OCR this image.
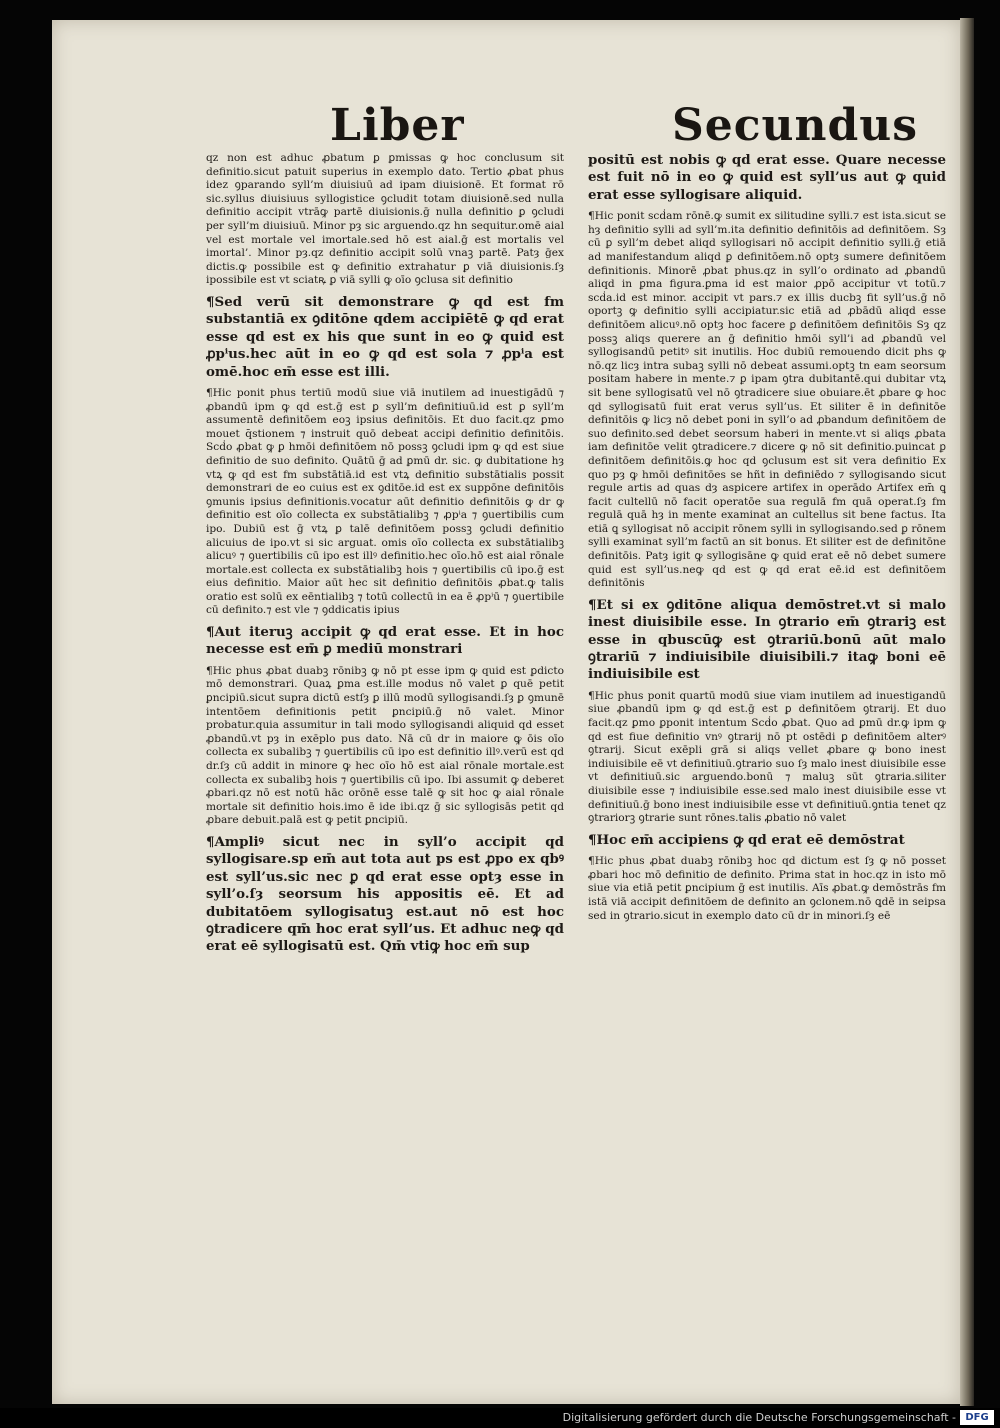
Liber	Secundus

qz non est adhuc ꝓbatum ꝑ ꝑmissas ꝙ hoc conclusum sit definitio.sicut patuit superius in exemplo dato. Tertio ꝓbat phus idez ꝯparando syll’m diuisiuū ad ipam diuisionē. Et format rō sic.syllus diuisiuus syllogistice ꝯcludit totam diuisionē.sed nulla definitio accipit vtrāꝙ partē diuisionis.ḡ nulla definitio ꝑ ꝯcludi per syll’m diuisiuū. Minor pȝ sic arguendo.qz hn sequitur.omē aial vel est mortale vel imortale.sed hō est aial.ḡ est mortalis vel imortal’. Minor pȝ.qz definitio accipit solū vnaꝫ partē. Patȝ ḡex dictis.ꝙ possibile est ꝙ definitio extrahatur ꝑ viā diuisionis.ſȝ ipossibile est vt sciatꝶ ꝑ viā sylli ꝙ oīo ꝯclusa sit definitio

¶Sed verū sit demonstrare ꝙ qd est fm substantiā ex ꝯditōne qdem accipiētē ꝙ qd erat esse qd est ex his que sunt in eo ꝙ quid est ꝓpⁱus.hec aūt in eo ꝙ qd est sola ⁊ ꝓpⁱa est omē.hoc em̄ esse est illi.

¶Hic ponit phus tertiū modū siue viā inutilem ad inuestigādū ⁊ ꝓbandū ipm ꝙ qd est.ḡ est ꝑ syll’m definitiuū.id est ꝑ syll’m assumentē definitōem eoꝫ ipsius definitōis. Et duo facit.qz ꝑmo mouet q̄stionem ⁊ instruit quō debeat accipi definitio definitōis. Scḋo ꝓbat ꝙ ꝑ hmōi definitōem nō possꝫ ꝯcludi ipm ꝙ qd est siue definitio de suo definito. Quātū ḡ ad ꝑmū dr. sic. ꝙ dubitatione hȝ vtꝝ ꝙ qd est fm substātiā.id est vtꝝ definitio substātialis possit demonstrari de eo cuius est ex ꝯditōe.id est ex suppōne definitōis ꝯmunis ipsius definitionis.vocatur aūt definitio definitōis ꝙ dr ꝙ definitio est oīo collecta ex substātialibꝫ ⁊ ꝓpⁱa ⁊ ꝯuertibilis cum ipo. Dubiū est ḡ vtꝝ ꝑ talē definitōem possꝫ ꝯcludi definitio alicuius de ipo.vt si sic arguat. omis oīo collecta ex substātialibꝫ alicuꝰ ⁊ ꝯuertibilis cū ipo est illꝰ definitio.hec oīo.hō est aial rōnale mortale.est collecta ex substātialibꝫ hois ⁊ ꝯuertibilis cū ipo.ḡ est eius definitio. Maior aūt hec sit definitio definitōis ꝓbat.ꝙ talis oratio est solū ex eēntialibꝫ ⁊ totū collectū in ea ē ꝓpⁱū ⁊ ꝯuertibile cū definito.⁊ est vle ⁊ ꝯddicatis ipius

¶Aut iteruꝫ accipit ꝙ qd erat esse. Et in hoc necesse est em̄ ꝑ mediū monstrari

¶Hic phus ꝓbat duabꝫ rōnibꝫ ꝙ nō pt esse ipm ꝙ quid est ꝑdicto mō demonstrari. Quaꝝ ꝑma est.ille modus nō valet ꝑ quē petit ꝑncipiū.sicut supra dictū estſȝ ꝑ illū modū syllogisandi.ſȝ ꝑ ꝯmunē intentōem definitionis petit ꝑncipiū.ḡ nō valet. Minor probatur.quia assumitur in tali modo syllogisandi aliquid qd esset ꝓbandū.vt pȝ in exēplo pus dato. Nā cū dr in maiore ꝙ ōis oīo collecta ex subalibꝫ ⁊ ꝯuertibilis cū ipo est definitio illꝰ.verū est qd dr.ſȝ cū addit in minore ꝙ hec oīo hō est aial rōnale mortale.est collecta ex subalibꝫ hois ⁊ ꝯuertibilis cū ipo. Ibi assumit ꝙ deberet ꝓbari.qz nō est notū hāc orōnē esse talē ꝙ sit hoc ꝙ aial rōnale mortale sit definitio hois.imo ē ide ibi.qz ḡ sic syllogisās petit qd ꝓbare debuit.palā est ꝙ petit ꝑncipiū.

¶Ampliꝰ sicut nec in syll’o accipit qd syllogisare.sp em̄ aut tota aut ps est ꝓpo ex qbꝰ est syll’us.sic nec ꝑ qd erat esse optȝ esse in syll’o.ſȝ seorsum his appositis eē. Et ad dubitatōem syllogisatuꝫ est.aut nō est hoc ꝯtradicere qm̄ hoc erat syll’us. Et adhuc neꝙ qd erat eē syllogisatū est. Qm̄ vtiꝙ hoc em̄ sup

positū est nobis ꝙ qd erat esse. Quare necesse est fuit nō in eo ꝙ quid est syll’us aut ꝙ quid erat esse syllogisare aliquid.

¶Hic ponit scḋam rōnē.ꝙ sumit ex silitudine sylli.⁊ est ista.sicut se hȝ definitio sylli ad syll’m.ita definitio definitōis ad definitōem. Sȝ cū ꝑ syll’m debet aliqd syllogisari nō accipit definitio sylli.ḡ etiā ad manifestandum aliqd ꝑ definitōem.nō optȝ sumere definitōem definitionis. Minorē ꝓbat phus.qz in syll’o ordinato ad ꝓbandū aliqd in ꝑma figura.ꝑma id est maior ꝓpō accipitur vt totū.⁊ scḋa.id est minor. accipit vt pars.⁊ ex illis ducbꝫ fit syll’us.ḡ nō oportꝫ ꝙ definitio sylli accipiatur.sic etiā ad ꝓbādū aliqd esse definitōem alicuꝰ.nō optȝ hoc facere ꝑ definitōem definitōis Sȝ qz possꝫ aliqs querere an ḡ definitio hmōi syll’i ad ꝓbandū vel syllogisandū petitꝰ sit inutilis. Hoc dubiū remouendo dicit phs ꝙ nō.qz licȝ intra subaꝫ sylli nō debeat assumi.optꝫ tn eam seorsum positam habere in mente.⁊ ꝑ ipam ꝯtra dubitantē.qui dubitar vtꝝ sit bene syllogisatū vel nō ꝯtradicere siue obuiare.ēt ꝓbare ꝙ hoc qd syllogisatū fuit erat verus syll’us. Et siliter ē in definitōe definitōis ꝙ licȝ nō debet poni in syll’o ad ꝓbandum definitōem de suo definito.sed debet seorsum haberi in mente.vt si aliqs ꝓbata iam definitōe velit ꝯtradicere.⁊ dicere ꝙ nō sit definitio.puincat ꝑ definitōem definitōis.ꝙ hoc qd ꝯclusum est sit vera definitio Ex quo pȝ ꝙ hmōi definitōes se hñt in definiēdo ⁊ syllogisando sicut regule artis ad quas dȝ aspicere artifex in operādo Artifex em̄ ꝗ facit cultellū nō facit operatōe sua regulā fm quā operat.ſȝ fm regulā quā hȝ in mente examinat an cultellus sit bene factus. Ita etiā ꝗ syllogisat nō accipit rōnem sylli in syllogisando.sed ꝑ rōnem sylli examinat syll’m factū an sit bonus. Et siliter est de definitōne definitōis. Patȝ igit ꝙ syllogisāne ꝙ quid erat eē nō debet sumere quid est syll’us.neꝙ qd est ꝙ qd erat eē.id est definitōem definitōnis

¶Et si ex ꝯditōne aliqua demōstret.vt si malo inest diuisibile esse. In ꝯtrario em̄ ꝯtrariꝫ est esse in qbuscūꝙ est ꝯtrariū.bonū aūt malo ꝯtrariū ⁊ indiuisibile diuisibili.⁊ itaꝙ boni eē indiuisibile est

¶Hic phus ponit quartū modū siue viam inutilem ad inuestigandū siue ꝓbandū ipm ꝙ qd est.ḡ est ꝑ definitōem ꝯtrarij. Et duo facit.qz ꝑmo ꝑponit intentum Scḋo ꝓbat. Quo ad ꝑmū dr.ꝙ ipm ꝙ qd est fiue definitio vnꝰ ꝯtrarij nō pt ostēdi ꝑ definitōem alterꝰ ꝯtrarij. Sicut exēpli grā si aliqs vellet ꝓbare ꝙ bono inest indiuisibile eē vt definitiuū.ꝯtrario suo ſȝ malo inest diuisibile esse vt definitiuū.sic arguendo.bonū ⁊ maluꝫ sūt ꝯtraria.siliter diuisibile esse ⁊ indiuisibile esse.sed malo inest diuisibile esse vt definitiuū.ḡ bono inest indiuisibile esse vt definitiuū.ꝯntia tenet qz ꝯtrariorꝫ ꝯtrarie sunt rōnes.talis ꝓbatio nō valet

¶Hoc em̄ accipiens ꝙ qd erat eē demōstrat

¶Hic phus ꝓbat duabꝫ rōnibꝫ hoc qd dictum est ſȝ ꝙ nō posset ꝓbari hoc mō definitio de definito. Prima stat in hoc.qz in isto mō siue via etiā petit ꝑncipium ḡ est inutilis. Aīs ꝓbat.ꝙ demōstrās fm istā viā accipit definitōem de definito an ꝯclonem.nō ꝗdē in seipsa sed in ꝯtrario.sicut in exemplo dato cū dr in minori.ſȝ eē

Digitalisierung gefördert durch die Deutsche Forschungsgemeinschaft - DFG
